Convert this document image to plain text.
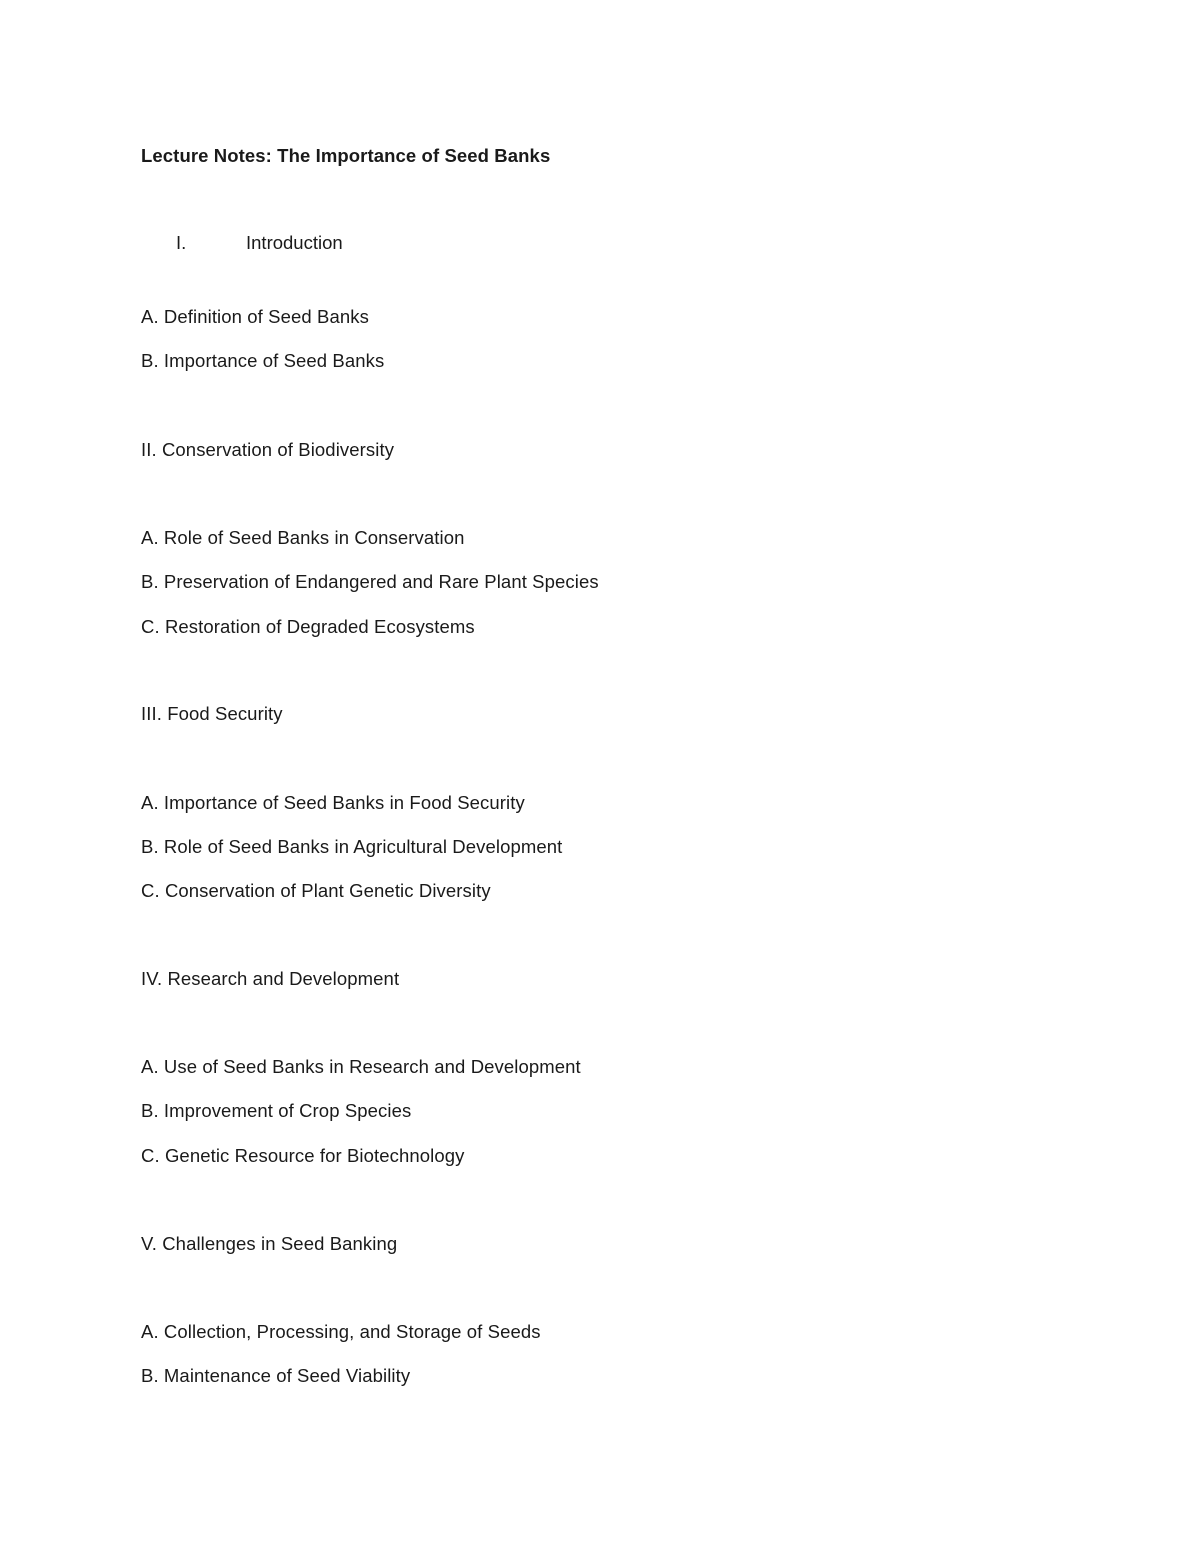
Lecture Notes: The Importance of Seed Banks
I.	Introduction
A. Definition of Seed Banks
B. Importance of Seed Banks
II. Conservation of Biodiversity
A. Role of Seed Banks in Conservation
B. Preservation of Endangered and Rare Plant Species
C. Restoration of Degraded Ecosystems
III. Food Security
A. Importance of Seed Banks in Food Security
B. Role of Seed Banks in Agricultural Development
C. Conservation of Plant Genetic Diversity
IV. Research and Development
A. Use of Seed Banks in Research and Development
B. Improvement of Crop Species
C. Genetic Resource for Biotechnology
V. Challenges in Seed Banking
A. Collection, Processing, and Storage of Seeds
B. Maintenance of Seed Viability
